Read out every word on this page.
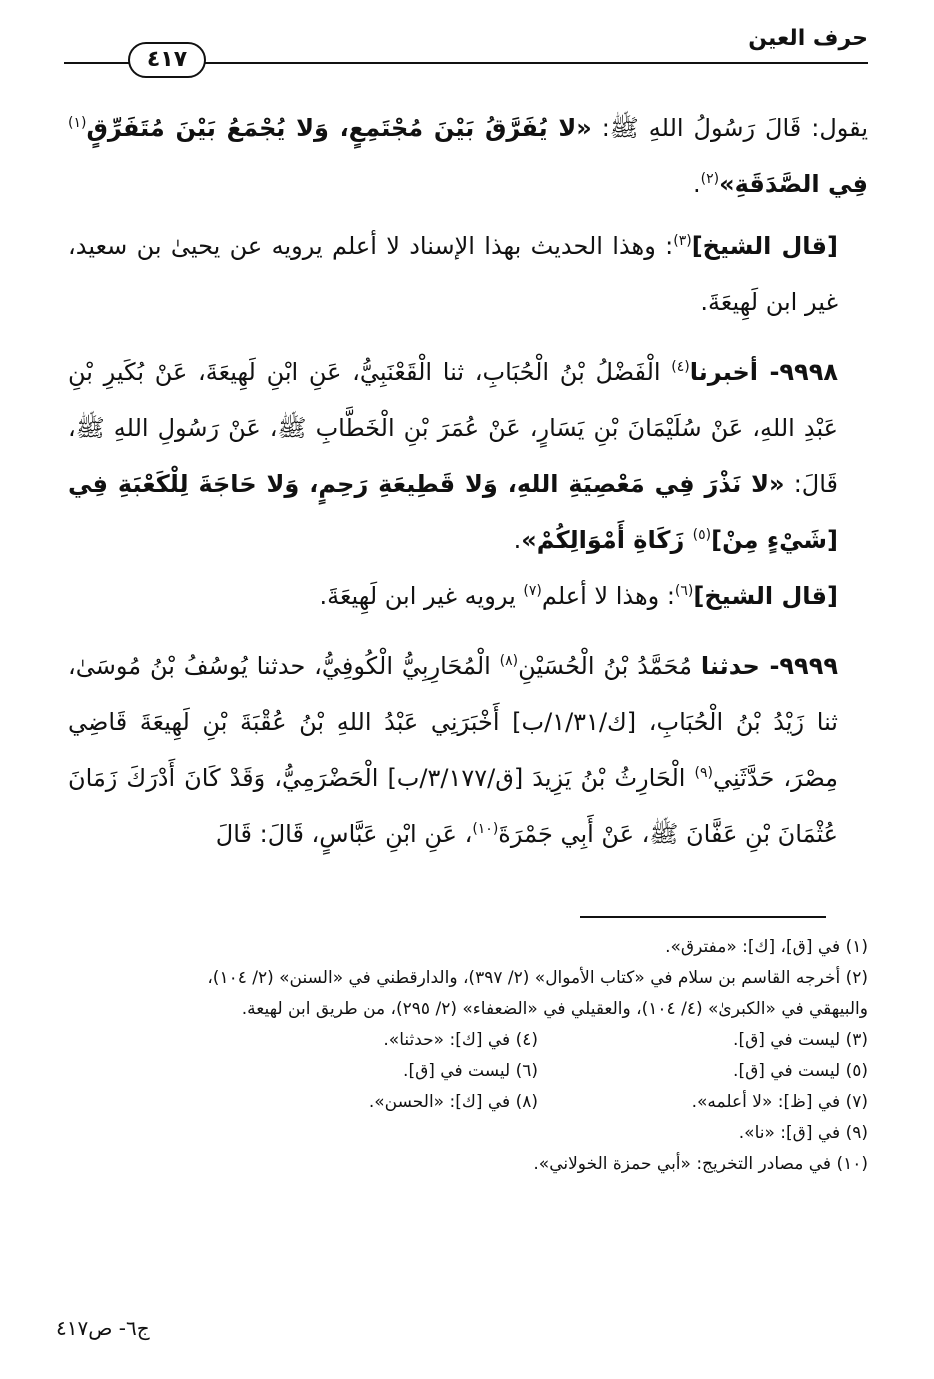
حرف العين
٤١٧

يقول: قَالَ رَسُولُ اللهِ ﷺ: «لا يُفَرَّقُ بَيْنَ مُجْتَمِعٍ، وَلا يُجْمَعُ بَيْنَ مُتَفَرِّقٍ$^{(١)}$ فِي الصَّدَقَةِ»$^{(٢)}$.

[قال الشيخ]$^{(٣)}$: وهذا الحديث بهذا الإسناد لا أعلم يرويه عن يحيىٰ بن سعيد، غير ابن لَهِيعَةَ.

٩٩٩٨- أخبرنا$^{(٤)}$ الْفَضْلُ بْنُ الْحُبَابِ، ثنا الْقَعْنَبِيُّ، عَنِ ابْنِ لَهِيعَةَ، عَنْ بُكَيرِ بْنِ عَبْدِ اللهِ، عَنْ سُلَيْمَانَ بْنِ يَسَارٍ، عَنْ عُمَرَ بْنِ الْخَطَّابِ ﷺ، عَنْ رَسُولِ اللهِ ﷺ، قَالَ: «لا نَذْرَ فِي مَعْصِيَةِ اللهِ، وَلا قَطِيعَةِ رَحِمٍ، وَلا حَاجَةَ لِلْكَعْبَةِ فِي [شَيْءٍ مِنْ]$^{(٥)}$ زَكَاةِ أَمْوَالِكُمْ».

[قال الشيخ]$^{(٦)}$: وهذا لا أعلم$^{(٧)}$ يرويه غير ابن لَهِيعَةَ.

٩٩٩٩- حدثنا مُحَمَّدُ بْنُ الْحُسَيْنِ$^{(٨)}$ الْمُحَارِبِيُّ الْكُوفِيُّ، حدثنا يُوسُفُ بْنُ مُوسَىٰ، ثنا زَيْدُ بْنُ الْحُبَابِ، [ك/١/٣١/ب] أَخْبَرَنِي عَبْدُ اللهِ بْنُ عُقْبَةَ بْنِ لَهِيعَةَ قَاضِي مِصْرَ، حَدَّثَنِي$^{(٩)}$ الْحَارِثُ بْنُ يَزِيدَ [ق/٣/١٧٧/ب] الْحَضْرَمِيُّ، وَقَدْ كَانَ أَدْرَكَ زَمَانَ عُثْمَانَ بْنِ عَفَّانَ ﷺ، عَنْ أَبِي جَمْرَةَ$^{(١٠)}$، عَنِ ابْنِ عَبَّاسٍ، قَالَ: قَالَ

(١) في [ق]، [ك]: «مفترق».

(٢) أخرجه القاسم بن سلام في «كتاب الأموال» (٢/ ٣٩٧)، والدارقطني في «السنن» (٢/ ١٠٤)،

والبيهقي في «الكبرىٰ» (٤/ ١٠٤)، والعقيلي في «الضعفاء» (٢/ ٢٩٥)، من طريق ابن لهيعة.

(٣) ليست في [ق].
(٤) في [ك]: «حدثنا».
(٥) ليست في [ق].
(٦) ليست في [ق].
(٧) في [ظ]: «لا أعلمه».
(٨) في [ك]: «الحسن».

(٩) في [ق]: «نا».

(١٠) في مصادر التخريج: «أبي حمزة الخولاني».

ج٦- ص٤١٧
